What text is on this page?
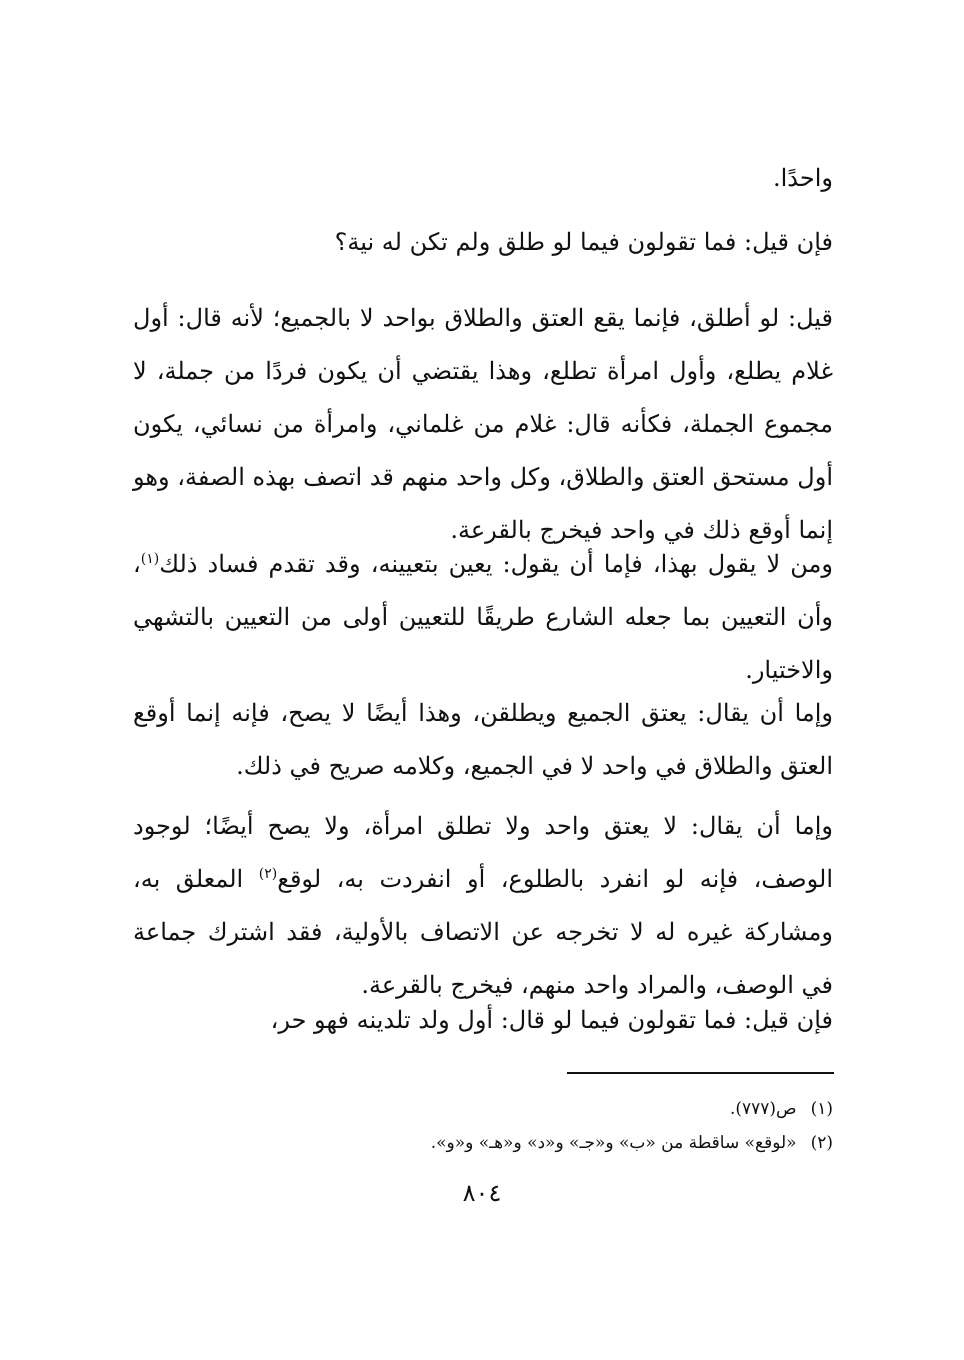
واحدًا.

فإن قيل: فما تقولون فيما لو طلق ولم تكن له نية؟

قيل: لو أطلق، فإنما يقع العتق والطلاق بواحد لا بالجميع؛ لأنه قال: أول غلام يطلع، وأول امرأة تطلع، وهذا يقتضي أن يكون فردًا من جملة، لا مجموع الجملة، فكأنه قال: غلام من غلماني، وامرأة من نسائي، يكون أول مستحق العتق والطلاق، وكل واحد منهم قد اتصف بهذه الصفة، وهو إنما أوقع ذلك في واحد فيخرج بالقرعة.

ومن لا يقول بهذا، فإما أن يقول: يعين بتعيينه، وقد تقدم فساد ذلك$^{(١)}$، وأن التعيين بما جعله الشارع طريقًا للتعيين أولى من التعيين بالتشهي والاختيار.

وإما أن يقال: يعتق الجميع ويطلقن، وهذا أيضًا لا يصح، فإنه إنما أوقع العتق والطلاق في واحد لا في الجميع، وكلامه صريح في ذلك.

وإما أن يقال: لا يعتق واحد ولا تطلق امرأة، ولا يصح أيضًا؛ لوجود الوصف، فإنه لو انفرد بالطلوع، أو انفردت به، لوقع$^{(٢)}$ المعلق به، ومشاركة غيره له لا تخرجه عن الاتصاف بالأولية، فقد اشترك جماعة في الوصف، والمراد واحد منهم، فيخرج بالقرعة.

فإن قيل: فما تقولون فيما لو قال: أول ولد تلدينه فهو حر،

(١)ص(٧٧٧).

(٢)«لوقع» ساقطة من «ب» و«جـ» و«د» و«هـ» و«و».

٨٠٤
